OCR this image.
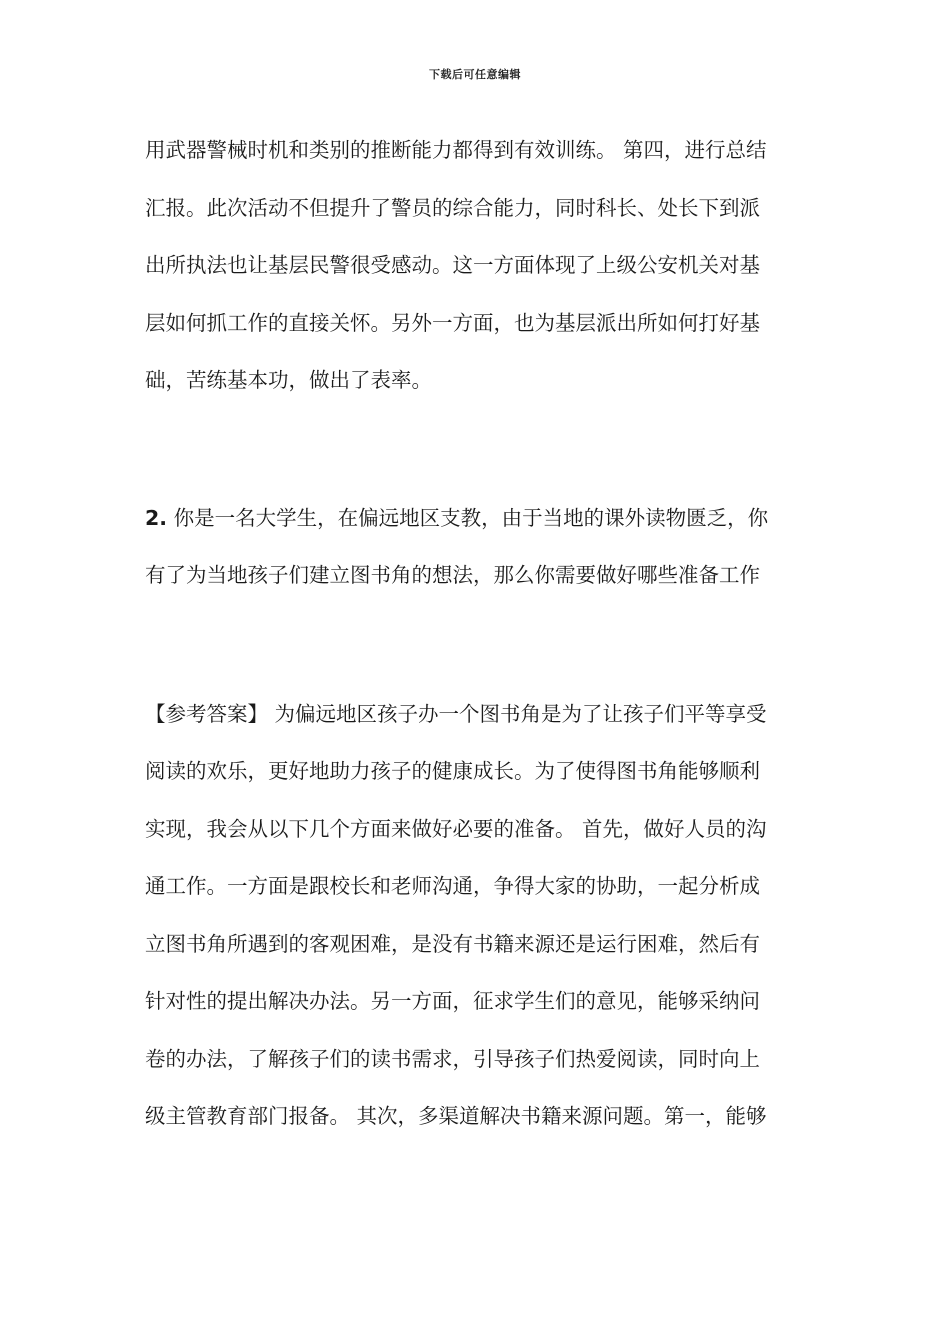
下载后可任意编辑
用武器警械时机和类别的推断能力都得到有效训练。 第四，进行总结
汇报。此次活动不但提升了警员的综合能力，同时科长、处长下到派
出所执法也让基层民警很受感动。这一方面体现了上级公安机关对基
层如何抓工作的直接关怀。另外一方面，也为基层派出所如何打好基
础，苦练基本功，做出了表率。
2. 你是一名大学生，在偏远地区支教，由于当地的课外读物匮乏，你
有了为当地孩子们建立图书角的想法，那么你需要做好哪些准备工作
【参考答案】 为偏远地区孩子办一个图书角是为了让孩子们平等享受
阅读的欢乐，更好地助力孩子的健康成长。为了使得图书角能够顺利
实现，我会从以下几个方面来做好必要的准备。 首先，做好人员的沟
通工作。一方面是跟校长和老师沟通，争得大家的协助，一起分析成
立图书角所遇到的客观困难，是没有书籍来源还是运行困难，然后有
针对性的提出解决办法。另一方面，征求学生们的意见，能够采纳问
卷的办法，了解孩子们的读书需求，引导孩子们热爱阅读，同时向上
级主管教育部门报备。 其次，多渠道解决书籍来源问题。第一，能够
